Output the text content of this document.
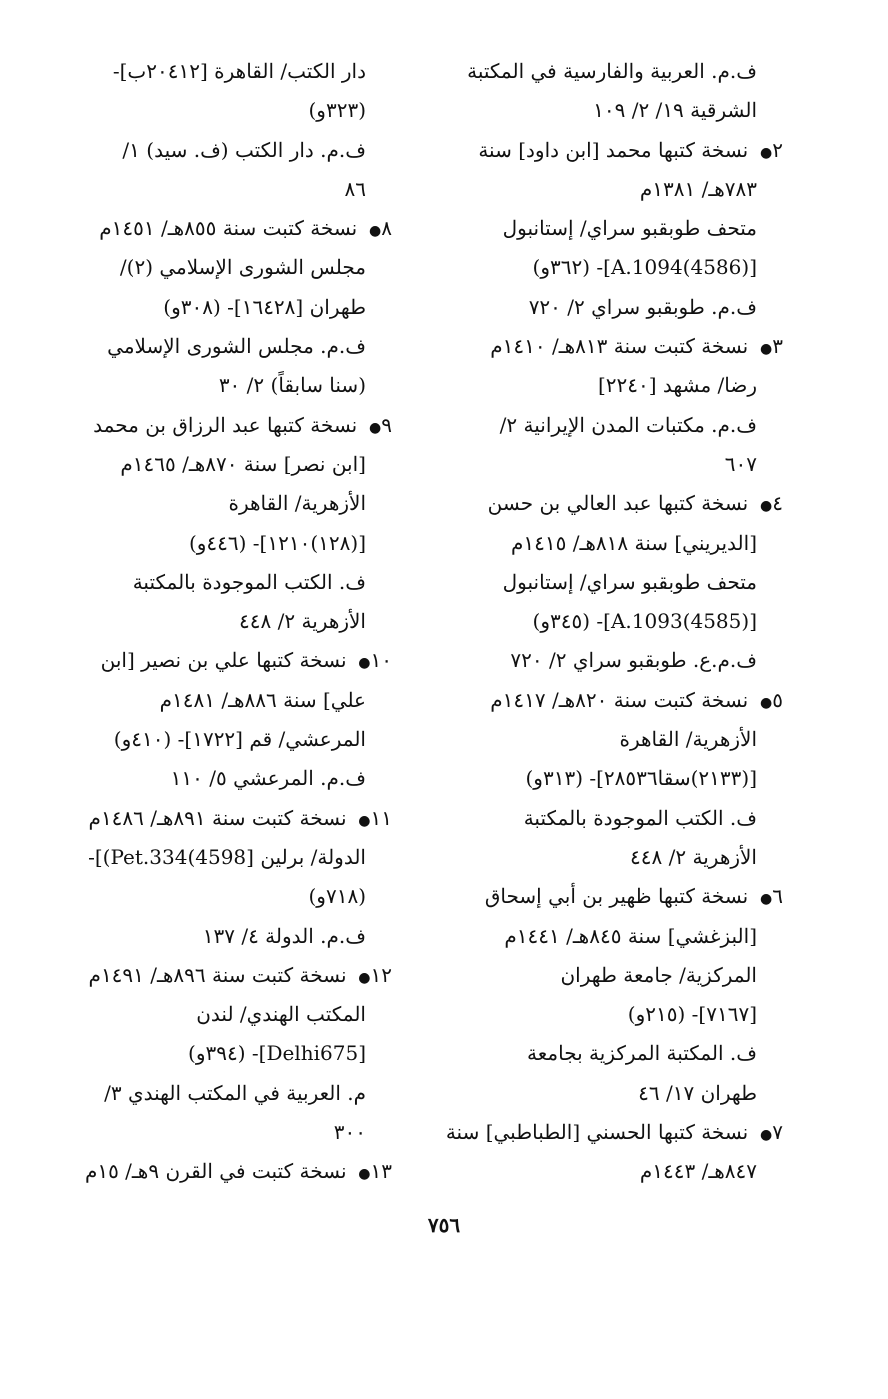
ف.م. العربية والفارسية في المكتبة
الشرقية ١٩/ ٢/ ١٠٩
٢●نسخة كتبها محمد [ابن داود] سنة
٧٨٣هـ/ ١٣٨١م
متحف طوبقبو سراي/ إستانبول
[A.1094(4586)]- (٣٦٢و)
ف.م. طوبقبو سراي ٢/ ٧٢٠
٣●نسخة كتبت سنة ٨١٣هـ/ ١٤١٠م
رضا/ مشهد [٢٢٤٠]
ف.م. مكتبات المدن الإيرانية ٢/
٦٠٧
٤●نسخة كتبها عبد العالي بن حسن
[الديريني] سنة ٨١٨هـ/ ١٤١٥م
متحف طوبقبو سراي/ إستانبول
[A.1093(4585)]- (٣٤٥و)
ف.م.ع. طوبقبو سراي ٢/ ٧٢٠
٥●نسخة كتبت سنة ٨٢٠هـ/ ١٤١٧م
الأزهرية/ القاهرة
[(٢١٣٣)سقا٢٨٥٣٦]- (٣١٣و)
ف. الكتب الموجودة بالمكتبة
الأزهرية ٢/ ٤٤٨
٦●نسخة كتبها ظهير بن أبي إسحاق
[البزغشي] سنة ٨٤٥هـ/ ١٤٤١م
المركزية/ جامعة طهران
[٧١٦٧]- (٢١٥و)
ف. المكتبة المركزية بجامعة
طهران ١٧/ ٤٦
٧●نسخة كتبها الحسني [الطباطبي] سنة
٨٤٧هـ/ ١٤٤٣م
دار الكتب/ القاهرة [٢٠٤١٢ب]-
(٣٢٣و)
ف.م. دار الكتب (ف. سيد) ١/
٨٦
٨●نسخة كتبت سنة ٨٥٥هـ/ ١٤٥١م
مجلس الشورى الإسلامي (٢)/
طهران [١٦٤٢٨]- (٣٠٨و)
ف.م. مجلس الشورى الإسلامي
(سنا سابقاً) ٢/ ٣٠
٩●نسخة كتبها عبد الرزاق بن محمد
[ابن نصر] سنة ٨٧٠هـ/ ١٤٦٥م
الأزهرية/ القاهرة
[(١٢٨)١٢١٠]- (٤٤٦و)
ف. الكتب الموجودة بالمكتبة
الأزهرية ٢/ ٤٤٨
١٠●نسخة كتبها علي بن نصير [ابن
علي] سنة ٨٨٦هـ/ ١٤٨١م
المرعشي/ قم [١٧٢٢]- (٤١٠و)
ف.م. المرعشي ٥/ ١١٠
١١●نسخة كتبت سنة ٨٩١هـ/ ١٤٨٦م
الدولة/ برلين [4598)Pet.334)]-
(٧١٨و)
ف.م. الدولة ٤/ ١٣٧
١٢●نسخة كتبت سنة ٨٩٦هـ/ ١٤٩١م
المكتب الهندي/ لندن
[Delhi675]- (٣٩٤و)
م. العربية في المكتب الهندي ٣/
٣٠٠
١٣●نسخة كتبت في القرن ٩هـ/ ١٥م
٧٥٦
